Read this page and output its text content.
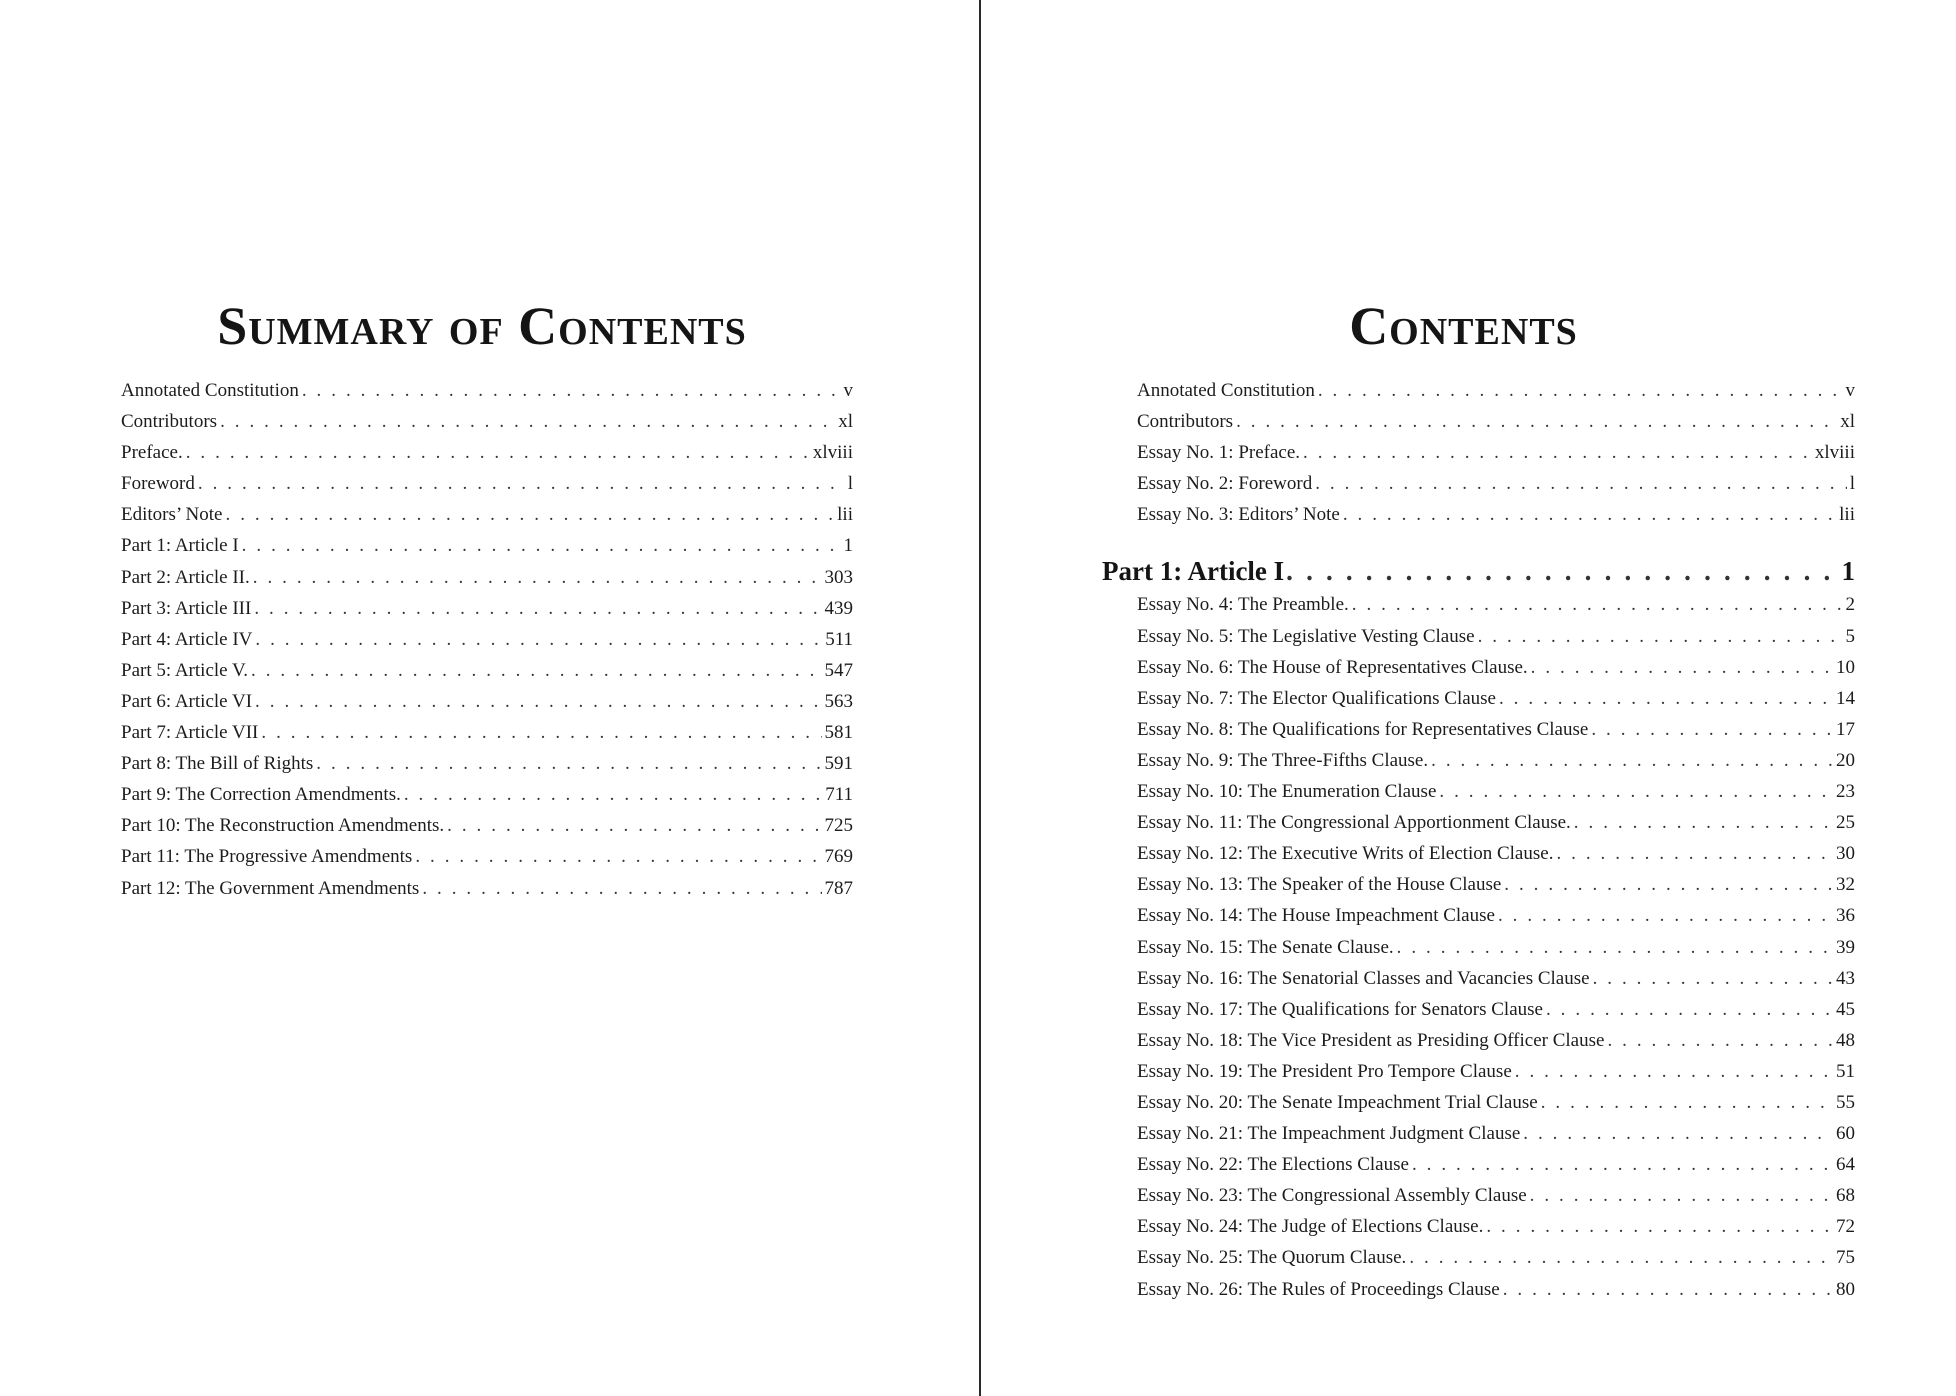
Summary of Contents
Annotated Constitution . . .	v
Contributors . . .	xl
Preface. . . .	xlviii
Foreword . . .	l
Editors’ Note . . .	lii
Part 1: Article I . . .	1
Part 2: Article II. . . .	303
Part 3: Article III . . .	439
Part 4: Article IV . . .	511
Part 5: Article V. . . .	547
Part 6: Article VI . . .	563
Part 7: Article VII . . .	581
Part 8: The Bill of Rights . . .	591
Part 9: The Correction Amendments. . . .	711
Part 10: The Reconstruction Amendments. . . .	725
Part 11: The Progressive Amendments . . .	769
Part 12: The Government Amendments . . .	787
Contents
Annotated Constitution . . .	v
Contributors . . .	xl
Essay No. 1: Preface. . . .	xlviii
Essay No. 2: Foreword . . .	l
Essay No. 3: Editors’ Note . . .	lii
Part 1: Article I . . .	1
Essay No. 4: The Preamble. . . .	2
Essay No. 5: The Legislative Vesting Clause . . .	5
Essay No. 6: The House of Representatives Clause. . . .	10
Essay No. 7: The Elector Qualifications Clause . . .	14
Essay No. 8: The Qualifications for Representatives Clause . . .	17
Essay No. 9: The Three-Fifths Clause. . . .	20
Essay No. 10: The Enumeration Clause . . .	23
Essay No. 11: The Congressional Apportionment Clause. . . .	25
Essay No. 12: The Executive Writs of Election Clause. . . .	30
Essay No. 13: The Speaker of the House Clause . . .	32
Essay No. 14: The House Impeachment Clause . . .	36
Essay No. 15: The Senate Clause. . . .	39
Essay No. 16: The Senatorial Classes and Vacancies Clause . . .	43
Essay No. 17: The Qualifications for Senators Clause . . .	45
Essay No. 18: The Vice President as Presiding Officer Clause . . .	48
Essay No. 19: The President Pro Tempore Clause . . .	51
Essay No. 20: The Senate Impeachment Trial Clause . . .	55
Essay No. 21: The Impeachment Judgment Clause . . .	60
Essay No. 22: The Elections Clause . . .	64
Essay No. 23: The Congressional Assembly Clause . . .	68
Essay No. 24: The Judge of Elections Clause. . . .	72
Essay No. 25: The Quorum Clause. . . .	75
Essay No. 26: The Rules of Proceedings Clause . . .	80
